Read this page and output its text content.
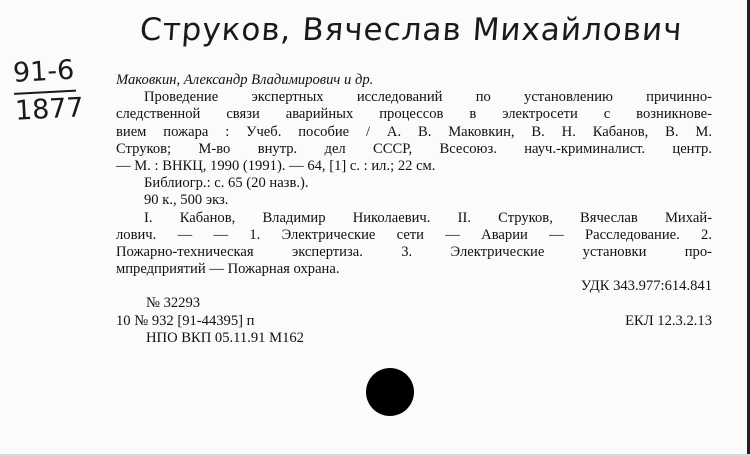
Струков, Вячеслав Михайлович
91-6
1877
Маковкин, Александр Владимирович и др.
Проведение экспертных исследований по установлению причинно-
следственной связи аварийных процессов в электросети с возникнове-
вием пожара : Учеб. пособие / А. В. Маковкин, В. Н. Кабанов, В. М.
Струков; М-во внутр. дел СССР, Всесоюз. науч.-криминалист. центр.
— М. : ВНКЦ, 1990 (1991). — 64, [1] с. : ил.; 22 см.
Библиогр.: с. 65 (20 назв.).
90 к., 500 экз.
I. Кабанов, Владимир Николаевич. II. Струков, Вячеслав Михай-
лович. — — 1. Электрические сети — Аварии — Расследование. 2.
Пожарно-техническая экспертиза. 3. Электрические установки про-
мпредприятий — Пожарная охрана.
УДК 343.977:614.841
№ 32293
10 № 932 [91-44395] п	ЕКЛ 12.3.2.13
НПО ВКП 05.11.91 М162
